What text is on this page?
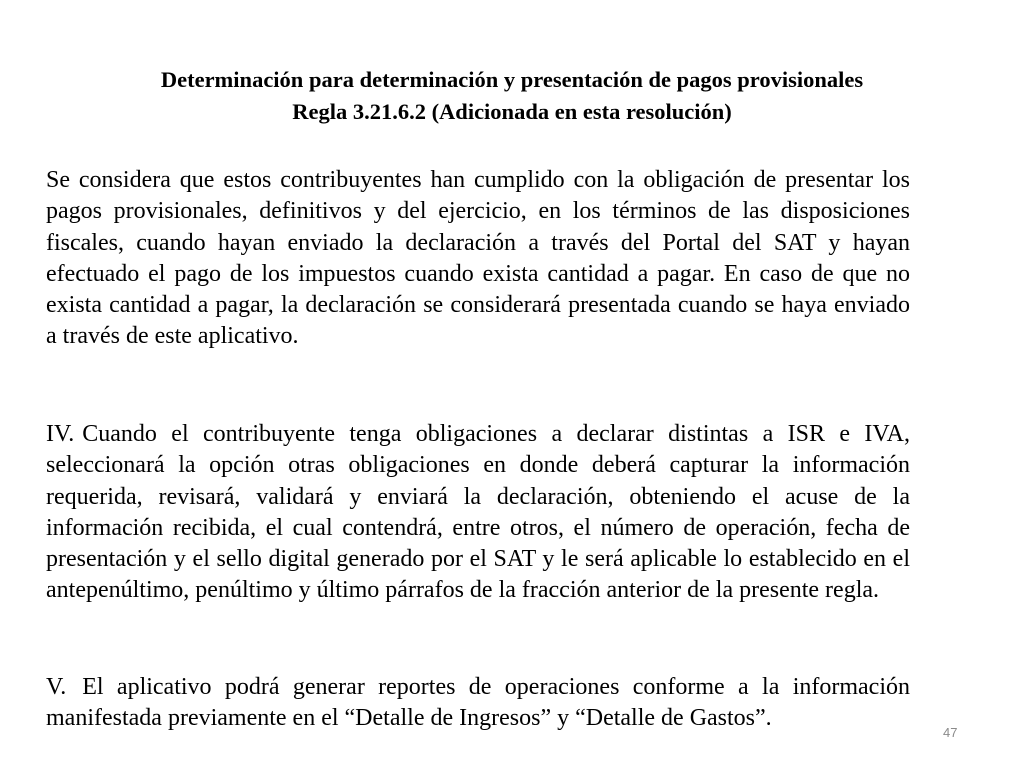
Determinación para determinación y presentación de pagos provisionales
Regla 3.21.6.2 (Adicionada en esta resolución)

Se considera que estos contribuyentes han cumplido con la obligación de presentar los pagos provisionales, definitivos y del ejercicio, en los términos de las disposiciones fiscales, cuando hayan enviado la declaración a través del Portal del SAT y hayan efectuado el pago de los impuestos cuando exista cantidad a pagar. En caso de que no exista cantidad a pagar, la declaración se considerará presentada cuando se haya enviado a través de este aplicativo.

IV. Cuando el contribuyente tenga obligaciones a declarar distintas a ISR e IVA, seleccionará la opción otras obligaciones en donde deberá capturar la información requerida, revisará, validará y enviará la declaración, obteniendo el acuse de la información recibida, el cual contendrá, entre otros, el número de operación, fecha de presentación y el sello digital generado por el SAT y le será aplicable lo establecido en el antepenúltimo, penúltimo y último párrafos de la fracción anterior de la presente regla.

V. El aplicativo podrá generar reportes de operaciones conforme a la información manifestada previamente en el “Detalle de Ingresos” y “Detalle de Gastos”.

47
